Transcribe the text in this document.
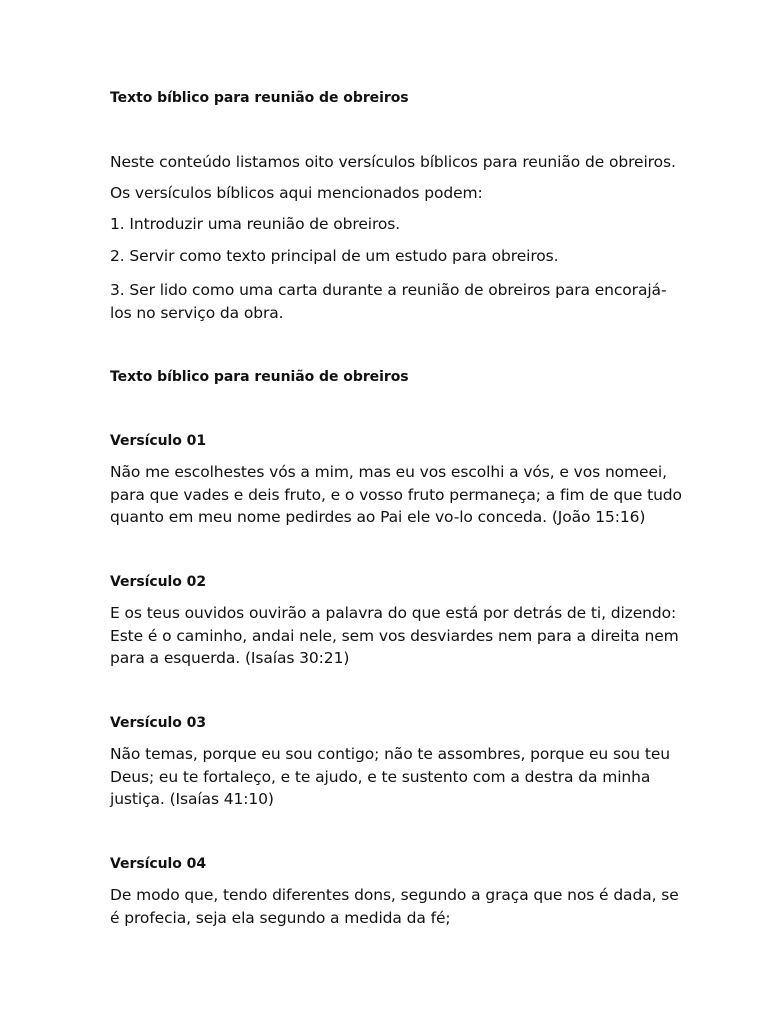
Texto bíblico para reunião de obreiros

Neste conteúdo listamos oito versículos bíblicos para reunião de obreiros.

Os versículos bíblicos aqui mencionados podem:

1. Introduzir uma reunião de obreiros.

2. Servir como texto principal de um estudo para obreiros.

3. Ser lido como uma carta durante a reunião de obreiros para encorajá-
los no serviço da obra.

Texto bíblico para reunião de obreiros

Versículo 01

Não me escolhestes vós a mim, mas eu vos escolhi a vós, e vos nomeei,
para que vades e deis fruto, e o vosso fruto permaneça; a fim de que tudo
quanto em meu nome pedirdes ao Pai ele vo-lo conceda. (João 15:16)

Versículo 02

E os teus ouvidos ouvirão a palavra do que está por detrás de ti, dizendo:
Este é o caminho, andai nele, sem vos desviardes nem para a direita nem
para a esquerda. (Isaías 30:21)

Versículo 03

Não temas, porque eu sou contigo; não te assombres, porque eu sou teu
Deus; eu te fortaleço, e te ajudo, e te sustento com a destra da minha
justiça. (Isaías 41:10)

Versículo 04

De modo que, tendo diferentes dons, segundo a graça que nos é dada, se
é profecia, seja ela segundo a medida da fé;
